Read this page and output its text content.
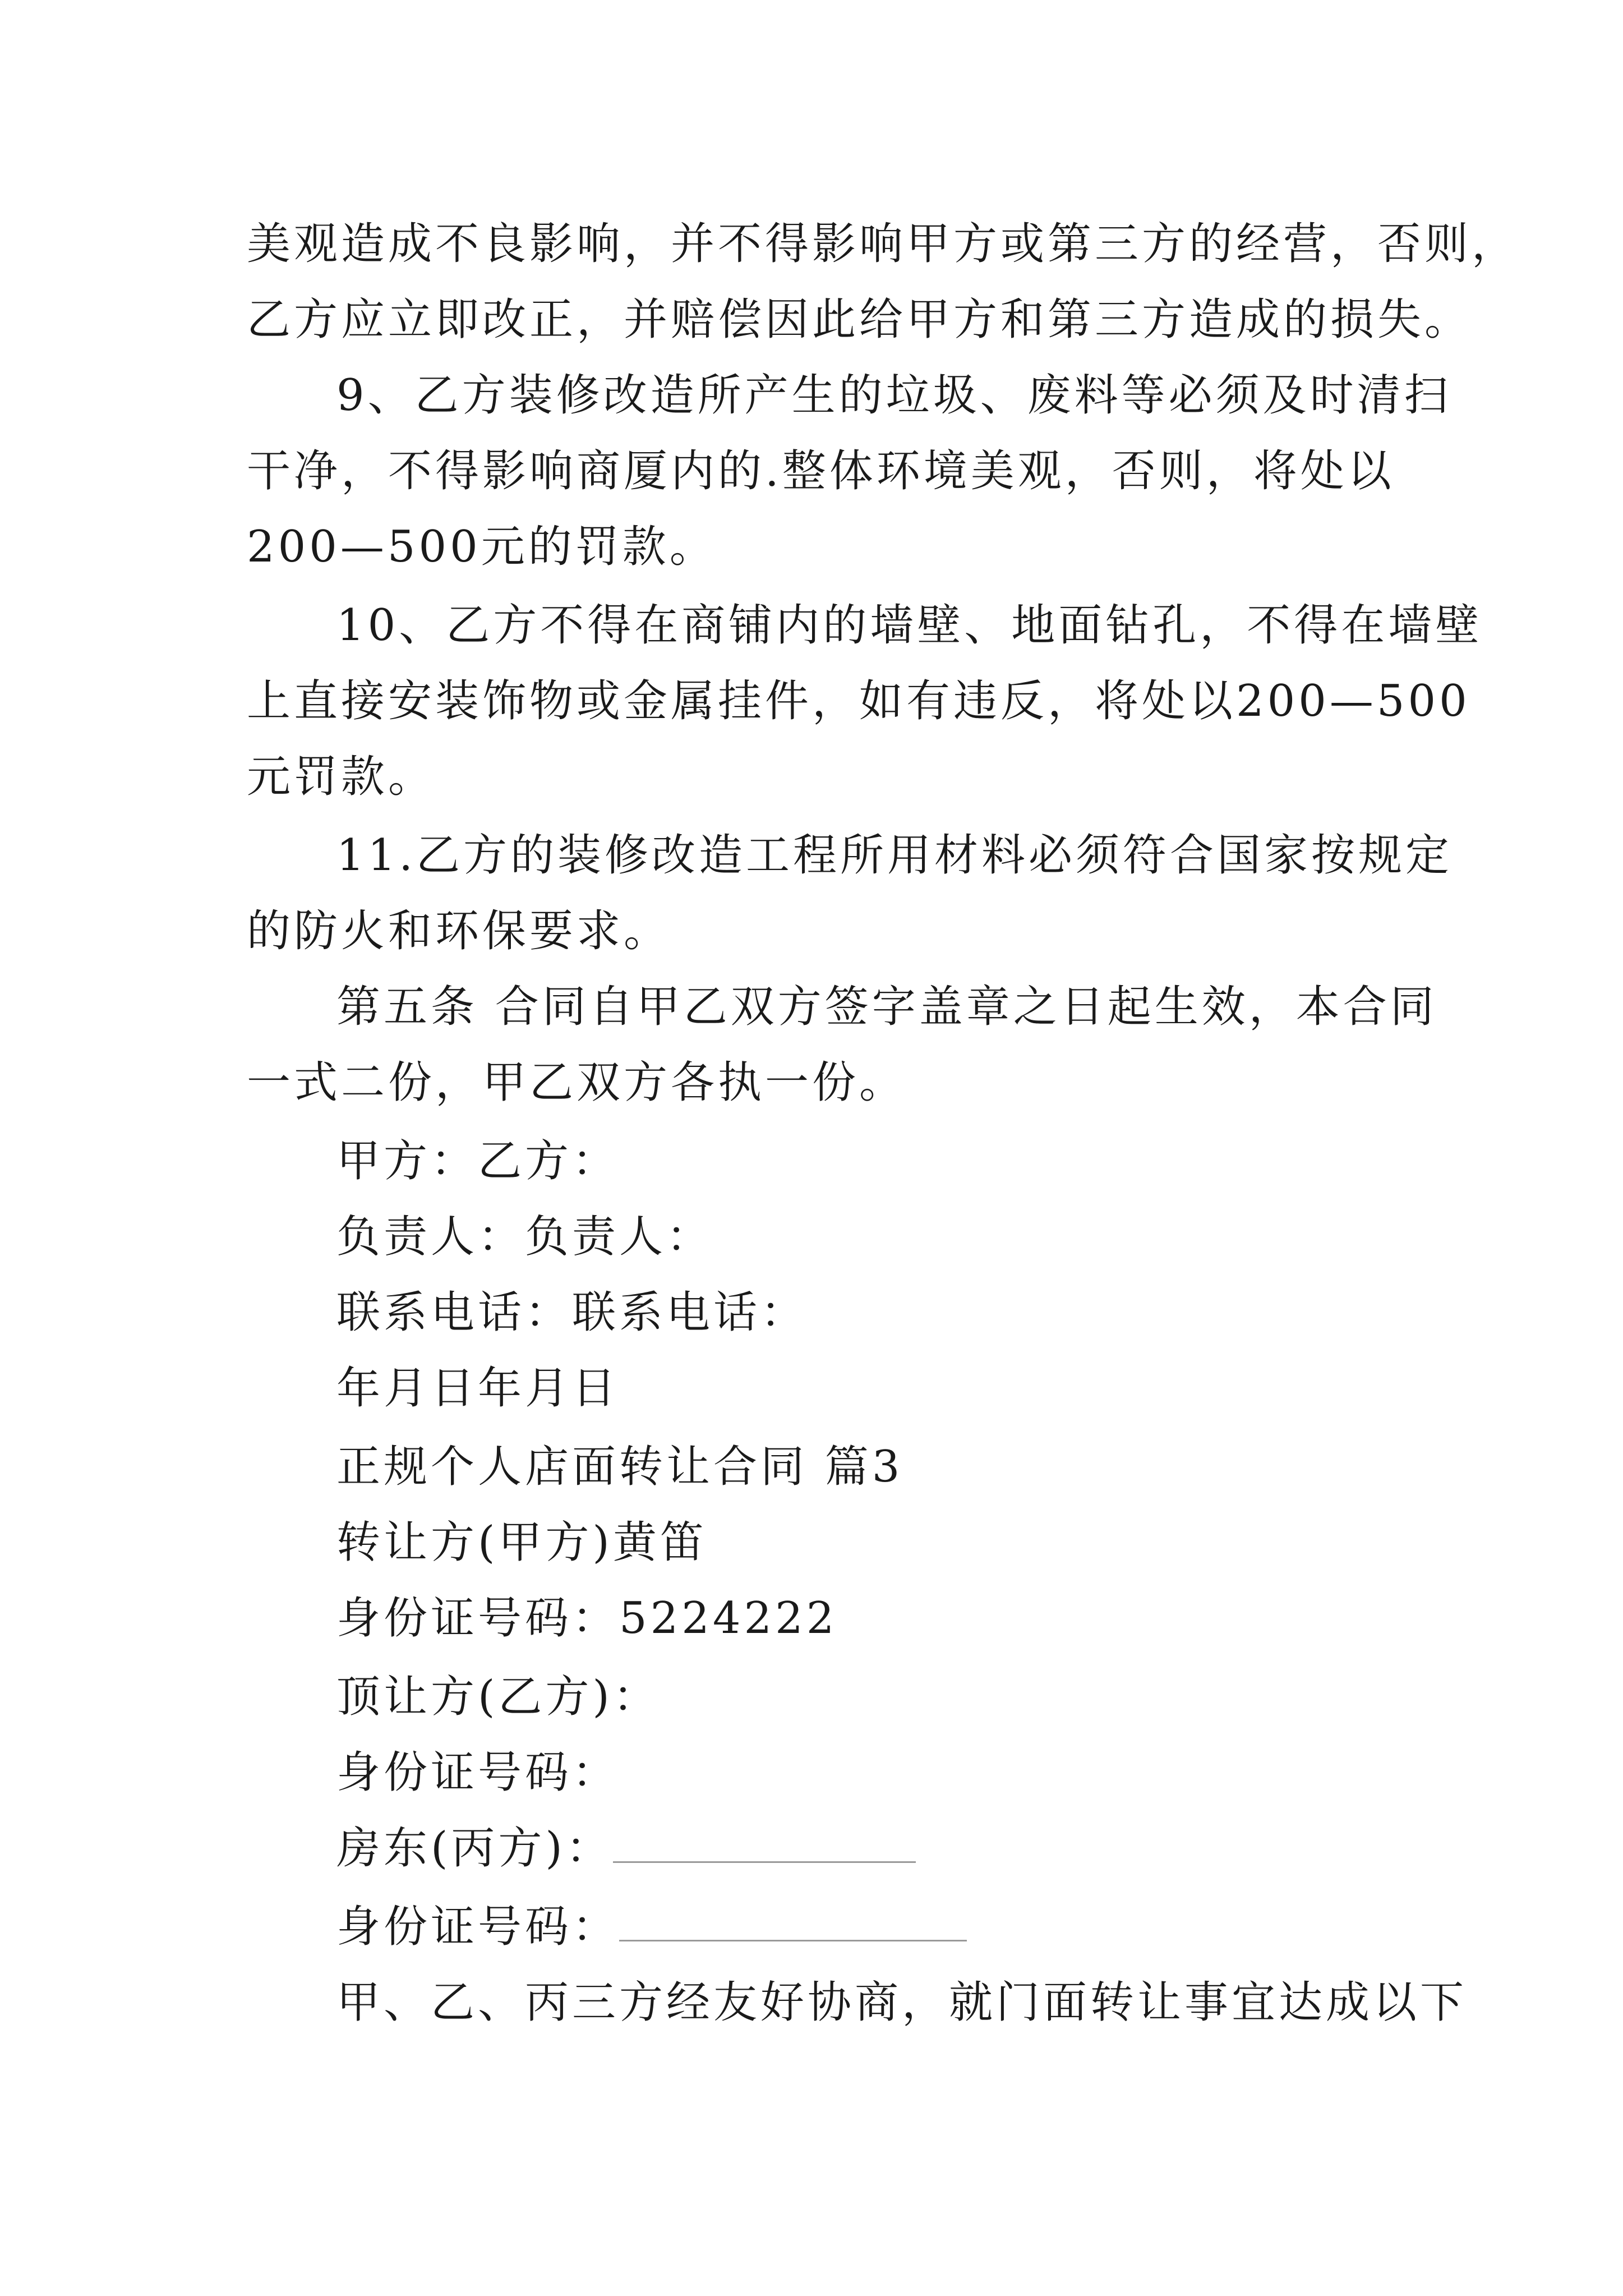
美观造成不良影响，并不得影响甲方或第三方的经营，否则，
乙方应立即改正，并赔偿因此给甲方和第三方造成的损失。
9、乙方装修改造所产生的垃圾、废料等必须及时清扫
干净，不得影响商厦内的.整体环境美观，否则，将处以
200—500元的罚款。
10、乙方不得在商铺内的墙壁、地面钻孔，不得在墙壁
上直接安装饰物或金属挂件，如有违反，将处以200—500
元罚款。
11.乙方的装修改造工程所用材料必须符合国家按规定
的防火和环保要求。
第五条 合同自甲乙双方签字盖章之日起生效，本合同
一式二份，甲乙双方各执一份。
甲方：乙方：
负责人：负责人：
联系电话：联系电话：
年月日年月日
正规个人店面转让合同 篇3
转让方(甲方)黄笛
身份证号码：5224222
顶让方(乙方)：
身份证号码：
房东(丙方)：
身份证号码：
甲、乙、丙三方经友好协商，就门面转让事宜达成以下
